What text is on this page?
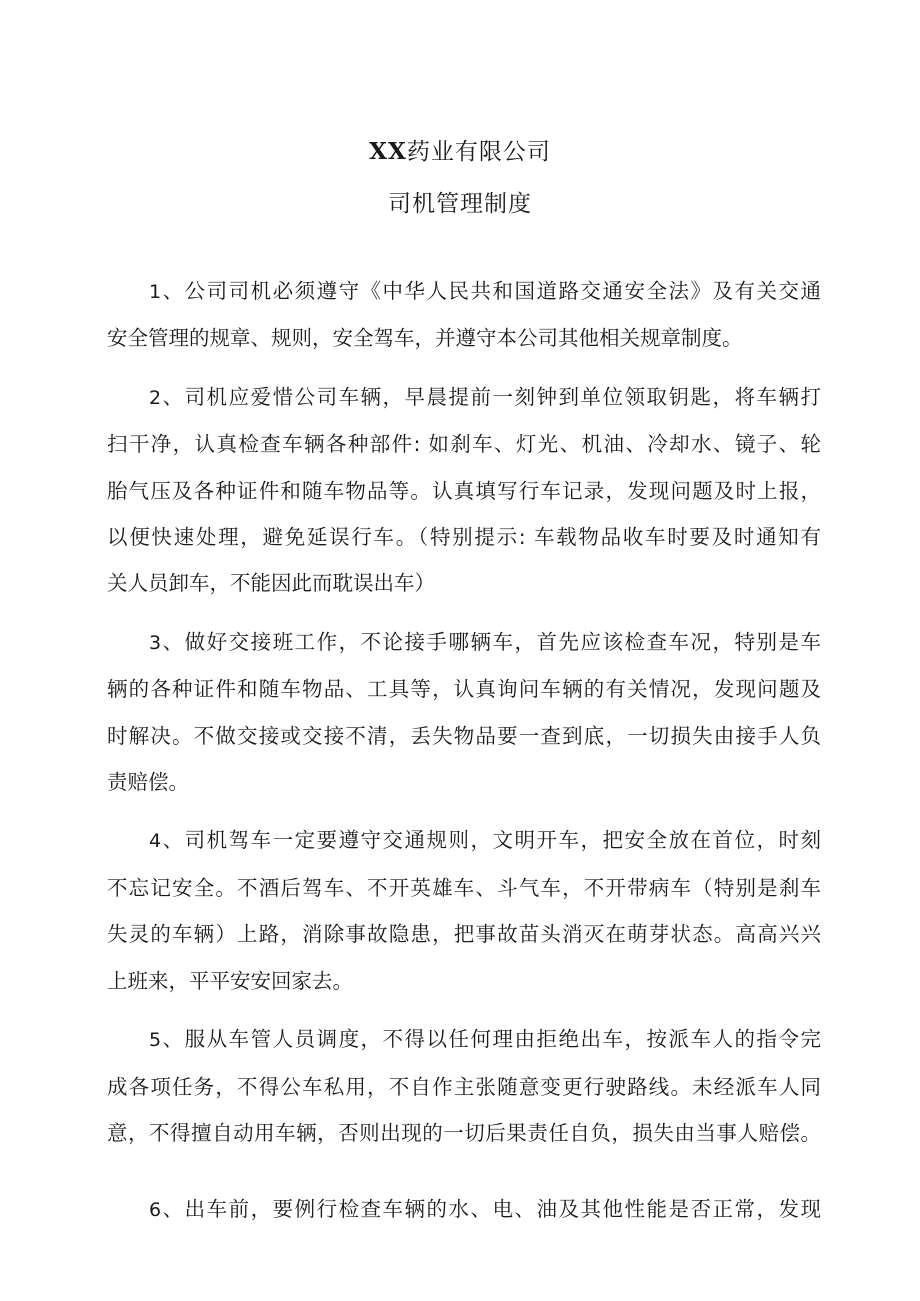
XX药业有限公司
司机管理制度
1、公司司机必须遵守《中华人民共和国道路交通安全法》及有关交通
安全管理的规章、规则，安全驾车，并遵守本公司其他相关规章制度。
2、司机应爱惜公司车辆，早晨提前一刻钟到单位领取钥匙，将车辆打
扫干净，认真检查车辆各种部件: 如刹车、灯光、机油、冷却水、镜子、轮
胎气压及各种证件和随车物品等。认真填写行车记录，发现问题及时上报，
以便快速处理，避免延误行车。（特别提示: 车载物品收车时要及时通知有
关人员卸车，不能因此而耽误出车）
3、做好交接班工作，不论接手哪辆车，首先应该检查车况，特别是车
辆的各种证件和随车物品、工具等，认真询问车辆的有关情况，发现问题及
时解决。不做交接或交接不清，丢失物品要一查到底，一切损失由接手人负
责赔偿。
4、司机驾车一定要遵守交通规则，文明开车，把安全放在首位，时刻
不忘记安全。不酒后驾车、不开英雄车、斗气车，不开带病车（特别是刹车
失灵的车辆）上路，消除事故隐患，把事故苗头消灭在萌芽状态。高高兴兴
上班来，平平安安回家去。
5、服从车管人员调度，不得以任何理由拒绝出车，按派车人的指令完
成各项任务，不得公车私用，不自作主张随意变更行驶路线。未经派车人同
意，不得擅自动用车辆，否则出现的一切后果责任自负，损失由当事人赔偿。
6、出车前，要例行检查车辆的水、电、油及其他性能是否正常，发现
